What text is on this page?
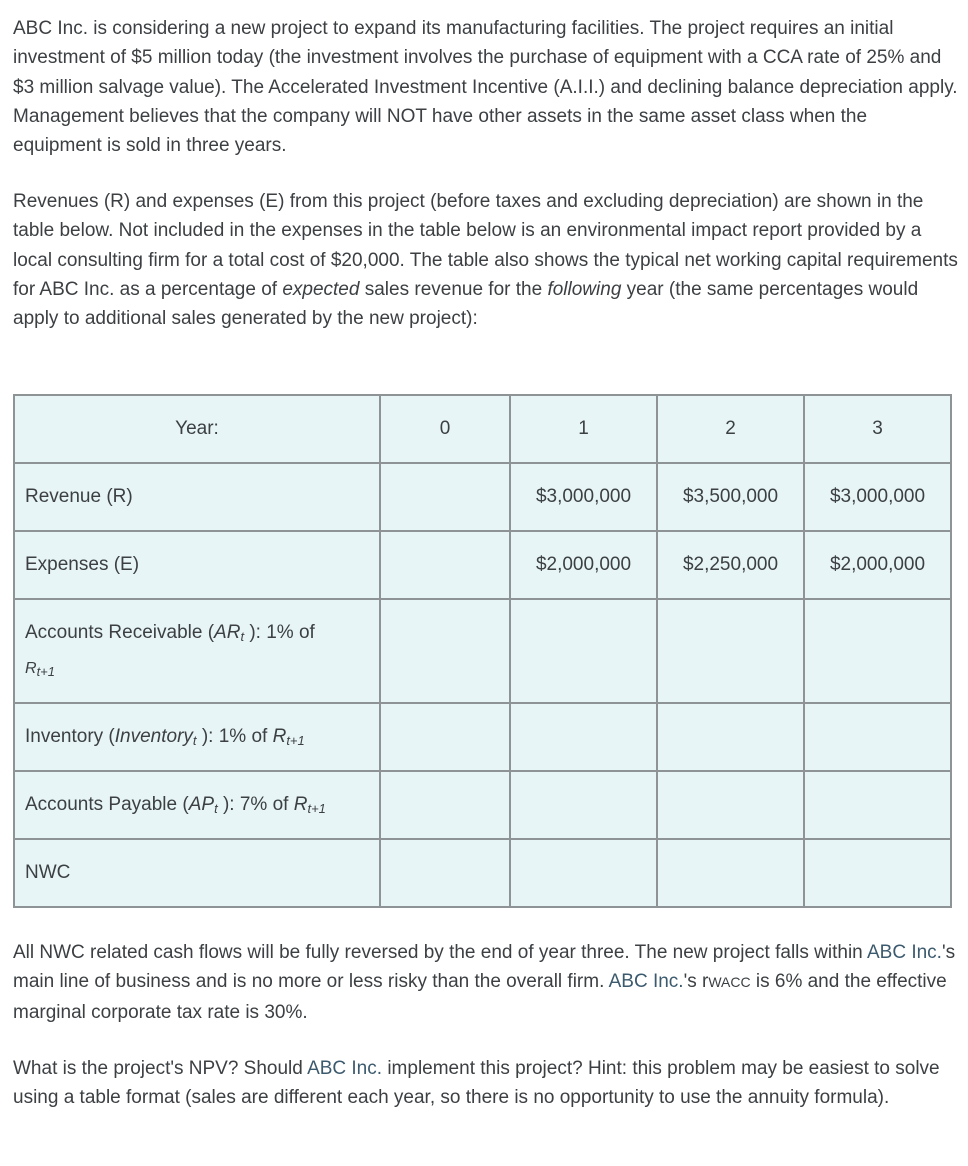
ABC Inc. is considering a new project to expand its manufacturing facilities. The project requires an initial investment of $5 million today (the investment involves the purchase of equipment with a CCA rate of 25% and $3 million salvage value). The Accelerated Investment Incentive (A.I.I.) and declining balance depreciation apply. Management believes that the company will NOT have other assets in the same asset class when the equipment is sold in three years.

Revenues (R) and expenses (E) from this project (before taxes and excluding depreciation) are shown in the table below. Not included in the expenses in the table below is an environmental impact report provided by a local consulting firm for a total cost of $20,000. The table also shows the typical net working capital requirements for ABC Inc. as a percentage of expected sales revenue for the following year (the same percentages would apply to additional sales generated by the new project):

Year:	0	1	2	3
Revenue (R)		$3,000,000	$3,500,000	$3,000,000
Expenses (E)		$2,000,000	$2,250,000	$2,000,000

Accounts Receivable (ARt ): 1% of
Rt+1				

Inventory (Inventoryt ): 1% of Rt+1				
Accounts Payable (APt ): 7% of Rt+1				
NWC				

All NWC related cash flows will be fully reversed by the end of year three. The new project falls within ABC Inc.'s main line of business and is no more or less risky than the overall firm. ABC Inc.'s rWACC is 6% and the effective marginal corporate tax rate is 30%.

What is the project's NPV? Should ABC Inc. implement this project? Hint: this problem may be easiest to solve using a table format (sales are different each year, so there is no opportunity to use the annuity formula).
